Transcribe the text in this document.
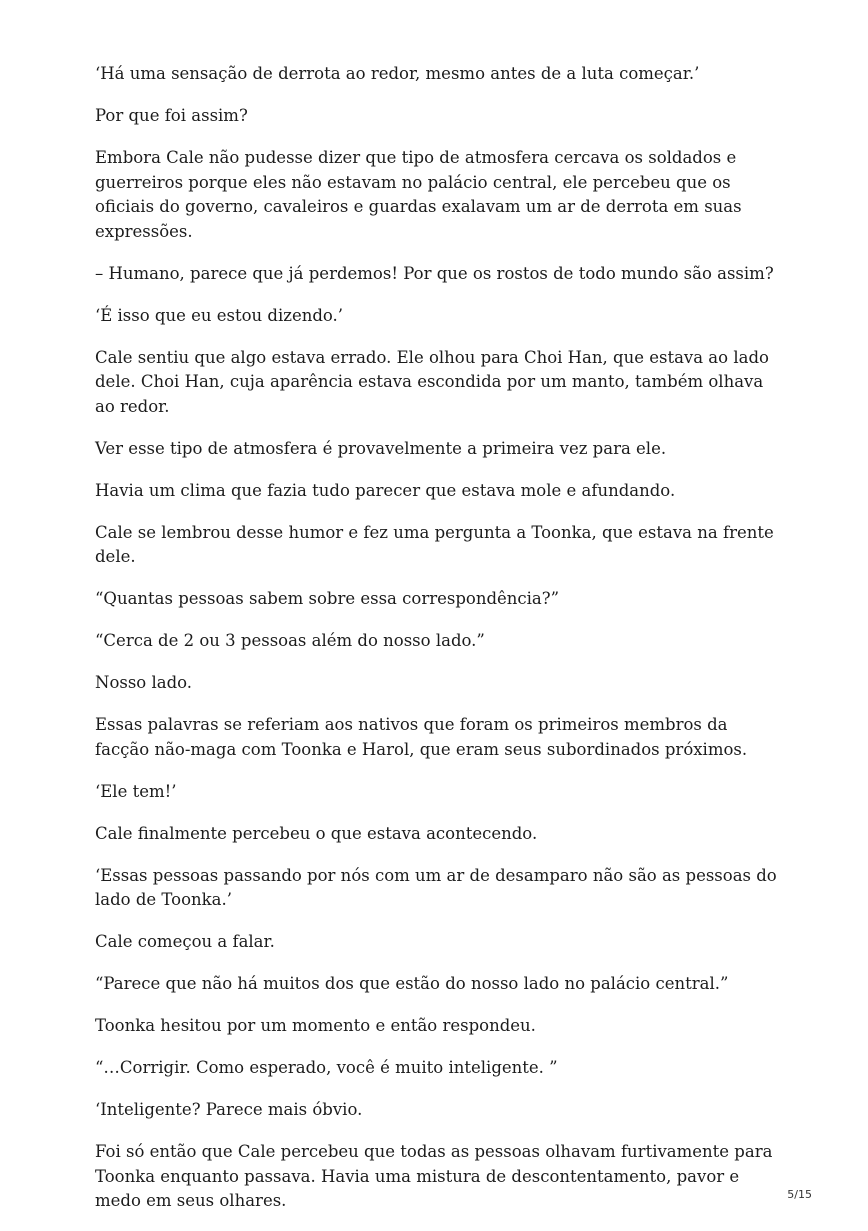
‘Há uma sensação de derrota ao redor, mesmo antes de a luta começar.’

Por que foi assim?

Embora Cale não pudesse dizer que tipo de atmosfera cercava os soldados e guerreiros porque eles não estavam no palácio central, ele percebeu que os oficiais do governo, cavaleiros e guardas exalavam um ar de derrota em suas expressões.

– Humano, parece que já perdemos! Por que os rostos de todo mundo são assim?

‘É isso que eu estou dizendo.’

Cale sentiu que algo estava errado. Ele olhou para Choi Han, que estava ao lado dele. Choi Han, cuja aparência estava escondida por um manto, também olhava ao redor.

Ver esse tipo de atmosfera é provavelmente a primeira vez para ele.

Havia um clima que fazia tudo parecer que estava mole e afundando.

Cale se lembrou desse humor e fez uma pergunta a Toonka, que estava na frente dele.

“Quantas pessoas sabem sobre essa correspondência?”

“Cerca de 2 ou 3 pessoas além do nosso lado.”

Nosso lado.

Essas palavras se referiam aos nativos que foram os primeiros membros da facção não-maga com Toonka e Harol, que eram seus subordinados próximos.

‘Ele tem!’

Cale finalmente percebeu o que estava acontecendo.

‘Essas pessoas passando por nós com um ar de desamparo não são as pessoas do lado de Toonka.’

Cale começou a falar.

“Parece que não há muitos dos que estão do nosso lado no palácio central.”

Toonka hesitou por um momento e então respondeu.

“…Corrigir. Como esperado, você é muito inteligente. ”

‘Inteligente? Parece mais óbvio.

Foi só então que Cale percebeu que todas as pessoas olhavam furtivamente para Toonka enquanto passava. Havia uma mistura de descontentamento, pavor e medo em seus olhares.	5/15
